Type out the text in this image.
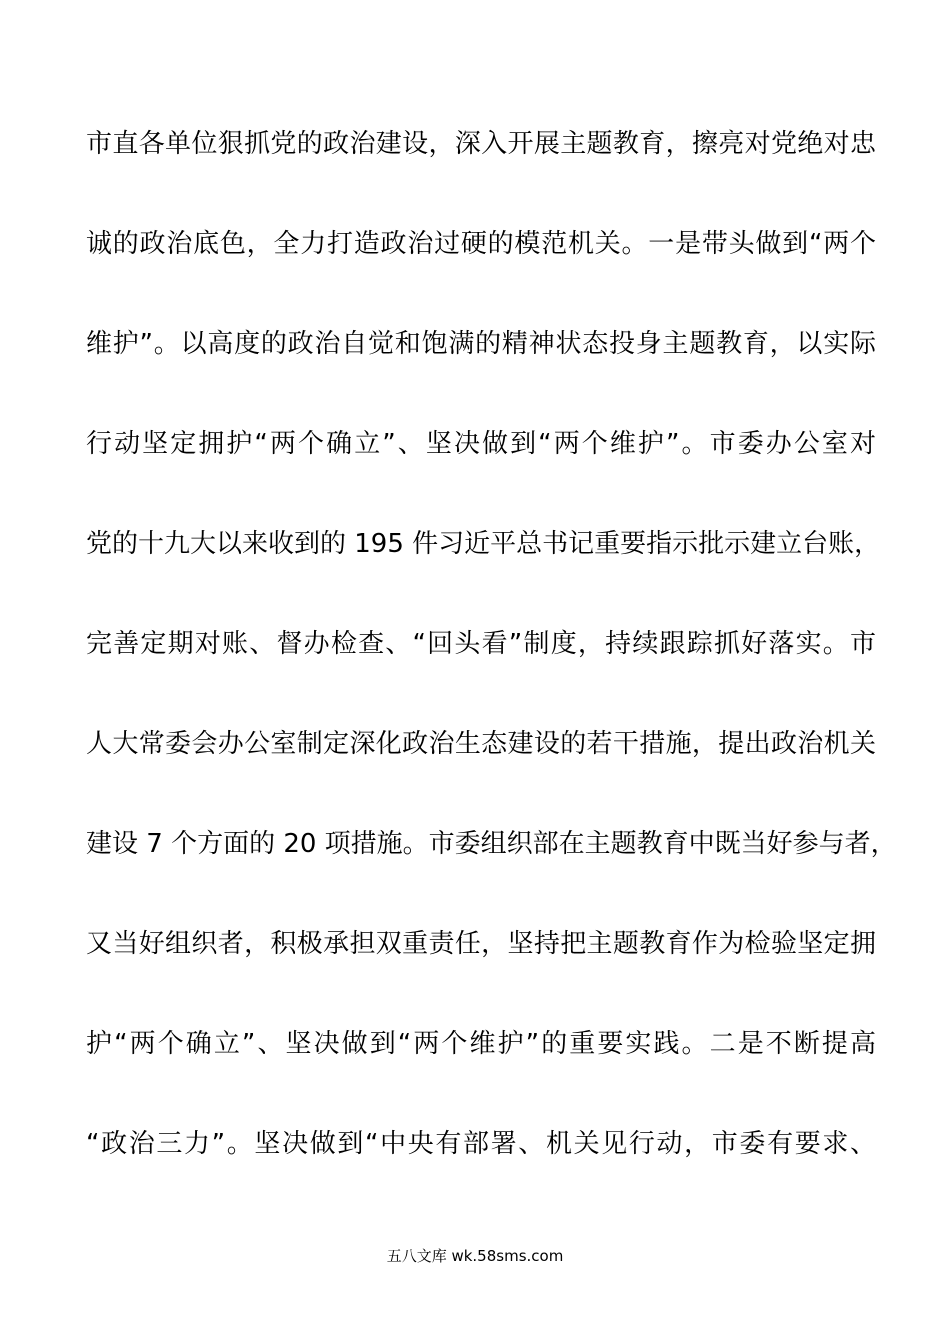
市直各单位狠抓党的政治建设，深入开展主题教育，擦亮对党绝对忠
诚的政治底色，全力打造政治过硬的模范机关。一是带头做到“两个
维护”。以高度的政治自觉和饱满的精神状态投身主题教育，以实际
行动坚定拥护“两个确立”、坚决做到“两个维护”。市委办公室对
党的十九大以来收到的 195 件习近平总书记重要指示批示建立台账，
完善定期对账、督办检查、“回头看”制度，持续跟踪抓好落实。市
人大常委会办公室制定深化政治生态建设的若干措施，提出政治机关
建设 7 个方面的 20 项措施。市委组织部在主题教育中既当好参与者，
又当好组织者，积极承担双重责任，坚持把主题教育作为检验坚定拥
护“两个确立”、坚决做到“两个维护”的重要实践。二是不断提高
“政治三力”。坚决做到“中央有部署、机关见行动，市委有要求、
五八文库 wk.58sms.com
